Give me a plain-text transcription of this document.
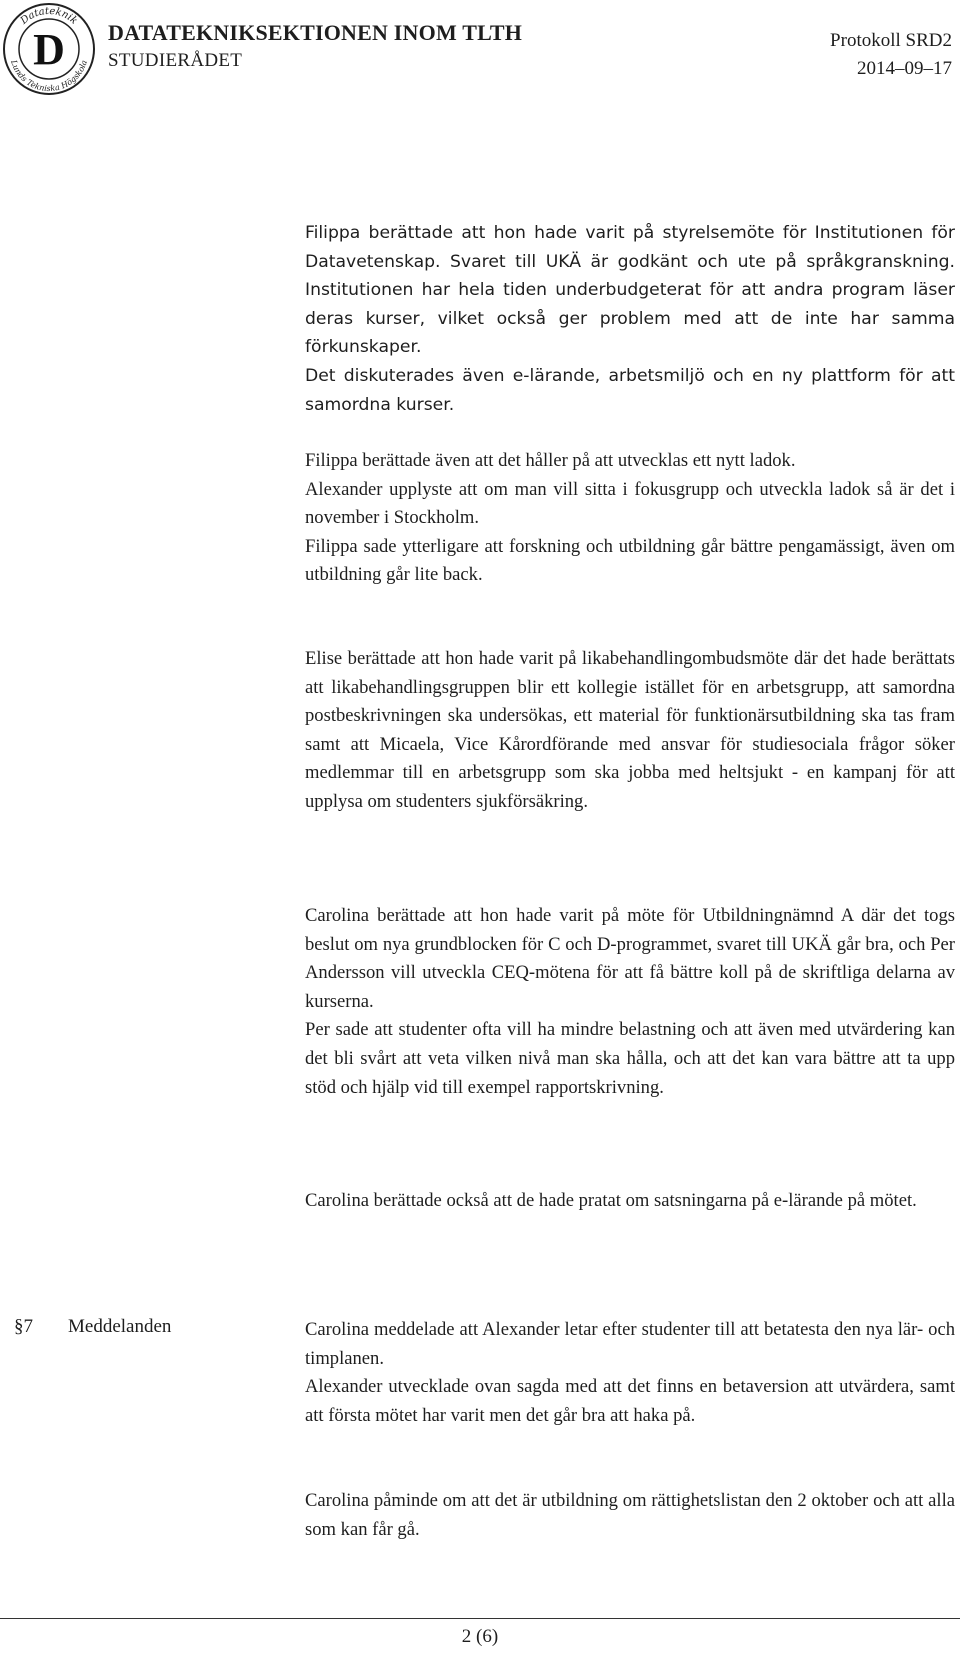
Datateknik
Lunds Tekniska Högskola
D DATATEKNIKSEKTIONEN INOM TLTH
STUDIERÅDET
Protokoll SRD2
2014–09–17

Filippa berättade att hon hade varit på styrelsemöte för Institutionen för Datavetenskap. Svaret till UKÄ är godkänt och ute på språkgranskning. Institutionen har hela tiden underbudgeterat för att andra program läser deras kurser, vilket också ger problem med att de inte har samma förkunskaper.

Det diskuterades även e-lärande, arbetsmiljö och en ny plattform för att samordna kurser.

Filippa berättade även att det håller på att utvecklas ett nytt ladok.

Alexander upplyste att om man vill sitta i fokusgrupp och utveckla ladok så är det i november i Stockholm.

Filippa sade ytterligare att forskning och utbildning går bättre pengamässigt, även om utbildning går lite back.

Elise berättade att hon hade varit på likabehandlingombudsmöte där det hade berättats att likabehandlingsgruppen blir ett kollegie istället för en arbetsgrupp, att samordna postbeskrivningen ska undersökas, ett material för funktionärsutbildning ska tas fram samt att Micaela, Vice Kårordförande med ansvar för studiesociala frågor söker medlemmar till en arbetsgrupp som ska jobba med heltsjukt - en kampanj för att upplysa om studenters sjukförsäkring.

Carolina berättade att hon hade varit på möte för Utbildningnämnd A där det togs beslut om nya grundblocken för C och D-programmet, svaret till UKÄ går bra, och Per Andersson vill utveckla CEQ-mötena för att få bättre koll på de skriftliga delarna av kurserna.

Per sade att studenter ofta vill ha mindre belastning och att även med utvärdering kan det bli svårt att veta vilken nivå man ska hålla, och att det kan vara bättre att ta upp stöd och hjälp vid till exempel rapportskrivning.

Carolina berättade också att de hade pratat om satsningarna på e-lärande på mötet.

§7 Meddelanden	Carolina meddelade att Alexander letar efter studenter till att betatesta den nya lär- och timplanen.

Alexander utvecklade ovan sagda med att det finns en betaversion att utvärdera, samt att första mötet har varit men det går bra att haka på.

Carolina påminde om att det är utbildning om rättighetslistan den 2 oktober och att alla som kan får gå.

2 (6)
